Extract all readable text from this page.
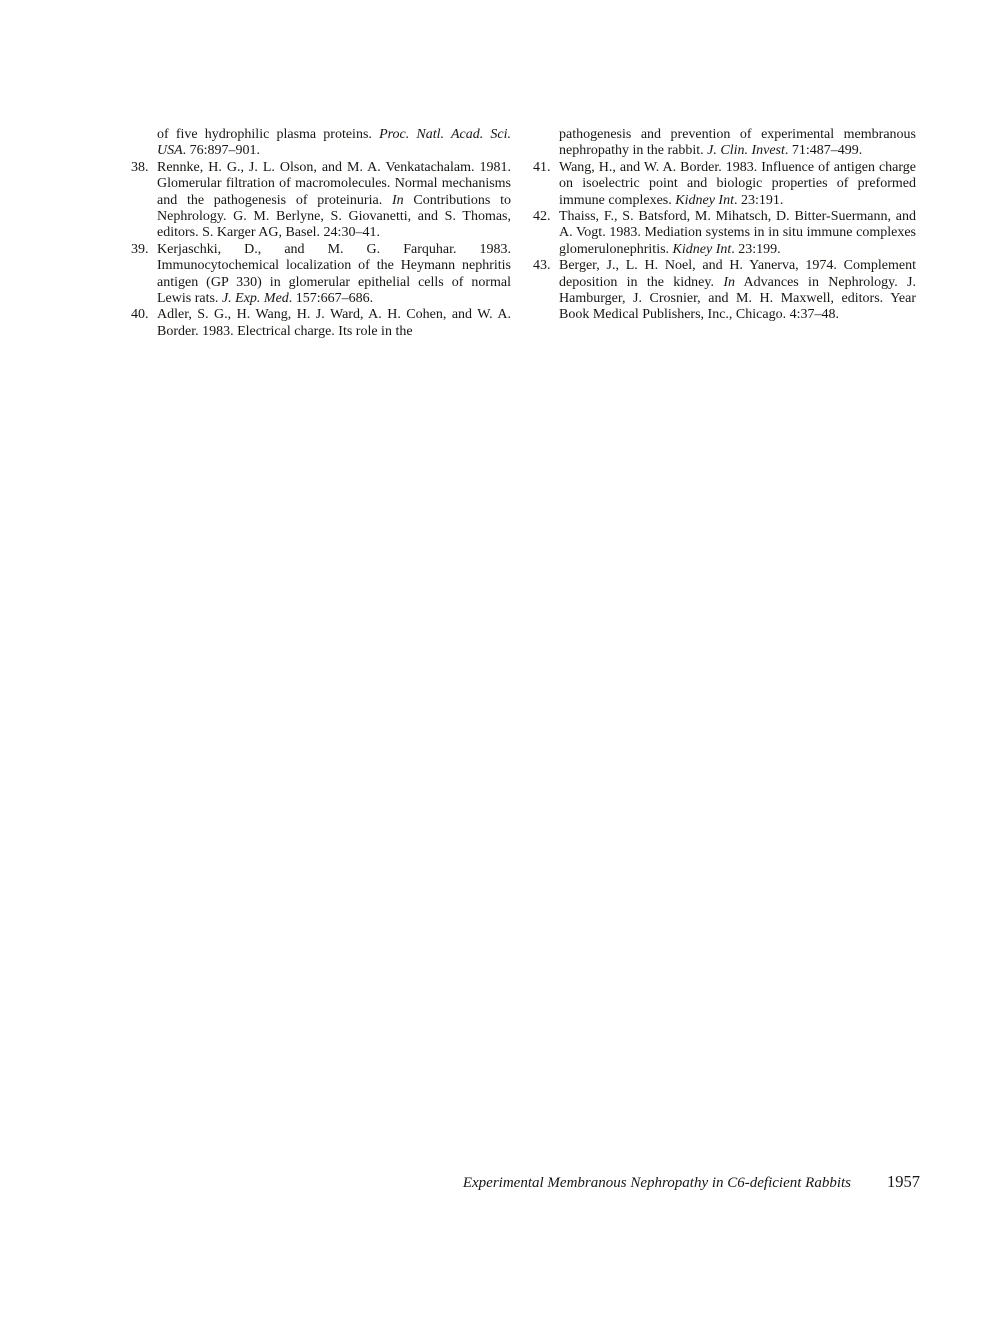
of five hydrophilic plasma proteins. Proc. Natl. Acad. Sci. USA. 76:897–901.
38. Rennke, H. G., J. L. Olson, and M. A. Venkatachalam. 1981. Glomerular filtration of macromolecules. Normal mechanisms and the pathogenesis of proteinuria. In Contributions to Nephrology. G. M. Berlyne, S. Giovanetti, and S. Thomas, editors. S. Karger AG, Basel. 24:30–41.
39. Kerjaschki, D., and M. G. Farquhar. 1983. Immunocytochemical localization of the Heymann nephritis antigen (GP 330) in glomerular epithelial cells of normal Lewis rats. J. Exp. Med. 157:667–686.
40. Adler, S. G., H. Wang, H. J. Ward, A. H. Cohen, and W. A. Border. 1983. Electrical charge. Its role in the
pathogenesis and prevention of experimental membranous nephropathy in the rabbit. J. Clin. Invest. 71:487–499.
41. Wang, H., and W. A. Border. 1983. Influence of antigen charge on isoelectric point and biologic properties of preformed immune complexes. Kidney Int. 23:191.
42. Thaiss, F., S. Batsford, M. Mihatsch, D. Bitter-Suermann, and A. Vogt. 1983. Mediation systems in in situ immune complexes glomerulonephritis. Kidney Int. 23:199.
43. Berger, J., L. H. Noel, and H. Yanerva, 1974. Complement deposition in the kidney. In Advances in Nephrology. J. Hamburger, J. Crosnier, and M. H. Maxwell, editors. Year Book Medical Publishers, Inc., Chicago. 4:37–48.
Experimental Membranous Nephropathy in C6-deficient Rabbits 1957
